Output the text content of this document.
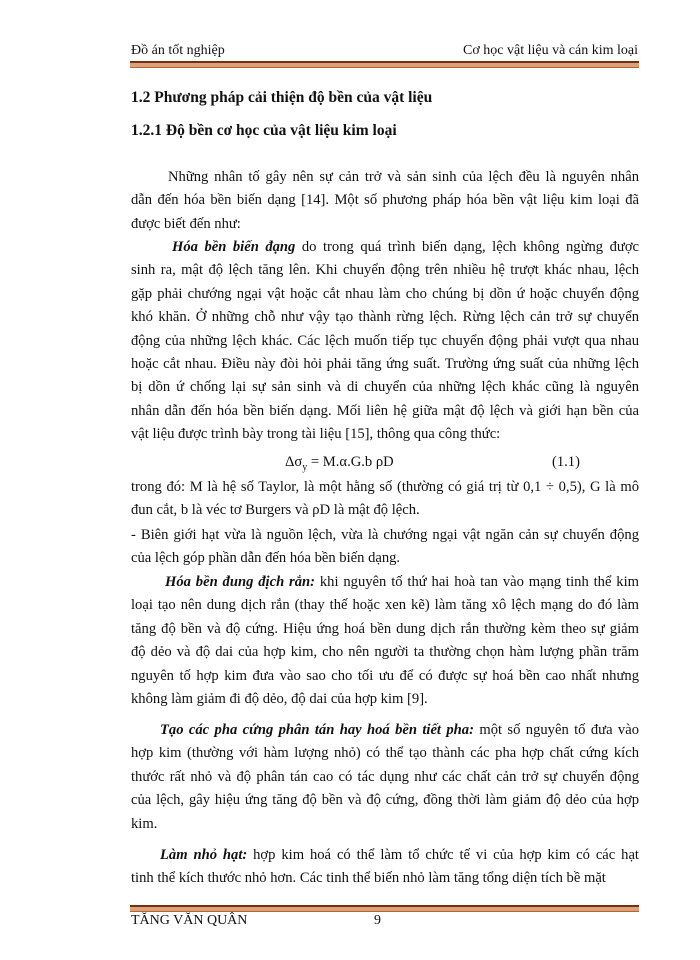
Đồ án tốt nghiệp	Cơ học vật liệu và cán kim loại
1.2 Phương pháp cải thiện độ bền của vật liệu
1.2.1 Độ bền cơ học của vật liệu kim loại
Những nhân tố gây nên sự cản trở và sản sinh của lệch đều là nguyên nhân
dẫn đến hóa bền biến dạng [14]. Một số phương pháp hóa bền vật liệu kim loại đã
được biết đến như:
Hóa bền biến đạng do trong quá trình biến dạng, lệch không ngừng được
sinh ra, mật độ lệch tăng lên. Khi chuyển động trên nhiều hệ trượt khác nhau, lệch
gặp phải chướng ngại vật hoặc cắt nhau làm cho chúng bị dồn ứ hoặc chuyển động
khó khăn. Ở những chỗ như vậy tạo thành rừng lệch. Rừng lệch cản trở sự chuyển
động của những lệch khác. Các lệch muốn tiếp tục chuyển động phải vượt qua nhau
hoặc cắt nhau. Điều này đòi hỏi phải tăng ứng suất. Trường ứng suất của những lệch
bị dồn ứ chống lại sự sản sinh và di chuyển của những lệch khác cũng là nguyên
nhân dẫn đến hóa bền biến dạng. Mối liên hệ giữa mật độ lệch và giới hạn bền của
vật liệu được trình bày trong tài liệu [15], thông qua công thức:
trong đó: M là hệ số Taylor, là một hằng số (thường có giá trị từ 0,1 ÷ 0,5), G là mô
đun cắt, b là véc tơ Burgers và ρD là mật độ lệch.
- Biên giới hạt vừa là nguồn lệch, vừa là chướng ngại vật ngăn cản sự chuyển động
của lệch góp phần dẫn đến hóa bền biến dạng.
Hóa bền đung địch rắn: khi nguyên tố thứ hai hoà tan vào mạng tinh thể kim
loại tạo nên dung dịch rắn (thay thế hoặc xen kẽ) làm tăng xô lệch mạng do đó làm
tăng độ bền và độ cứng. Hiệu ứng hoá bền dung dịch rắn thường kèm theo sự giảm
độ dẻo và độ dai của hợp kim, cho nên người ta thường chọn hàm lượng phần trăm
nguyên tố hợp kim đưa vào sao cho tối ưu để có được sự hoá bền cao nhất nhưng
không làm giảm đi độ dẻo, độ dai của hợp kim [9].
Tạo các pha cứng phân tán hay hoá bền tiết pha: một số nguyên tố đưa vào
hợp kim (thường với hàm lượng nhỏ) có thể tạo thành các pha hợp chất cứng kích
thước rất nhỏ và độ phân tán cao có tác dụng như các chất cản trở sự chuyển động
của lệch, gây hiệu ứng tăng độ bền và độ cứng, đồng thời làm giảm độ dẻo của hợp
kim.
Làm nhỏ hạt: hợp kim hoá có thể làm tổ chức tế vi của hợp kim có các hạt
tinh thể kích thước nhỏ hơn. Các tinh thể biến nhỏ làm tăng tổng diện tích bề mặt
$\Delta\sigma_y = M.\alpha.G.b$ ρD	(1.1)
TĂNG VĂN QUÂN	9
